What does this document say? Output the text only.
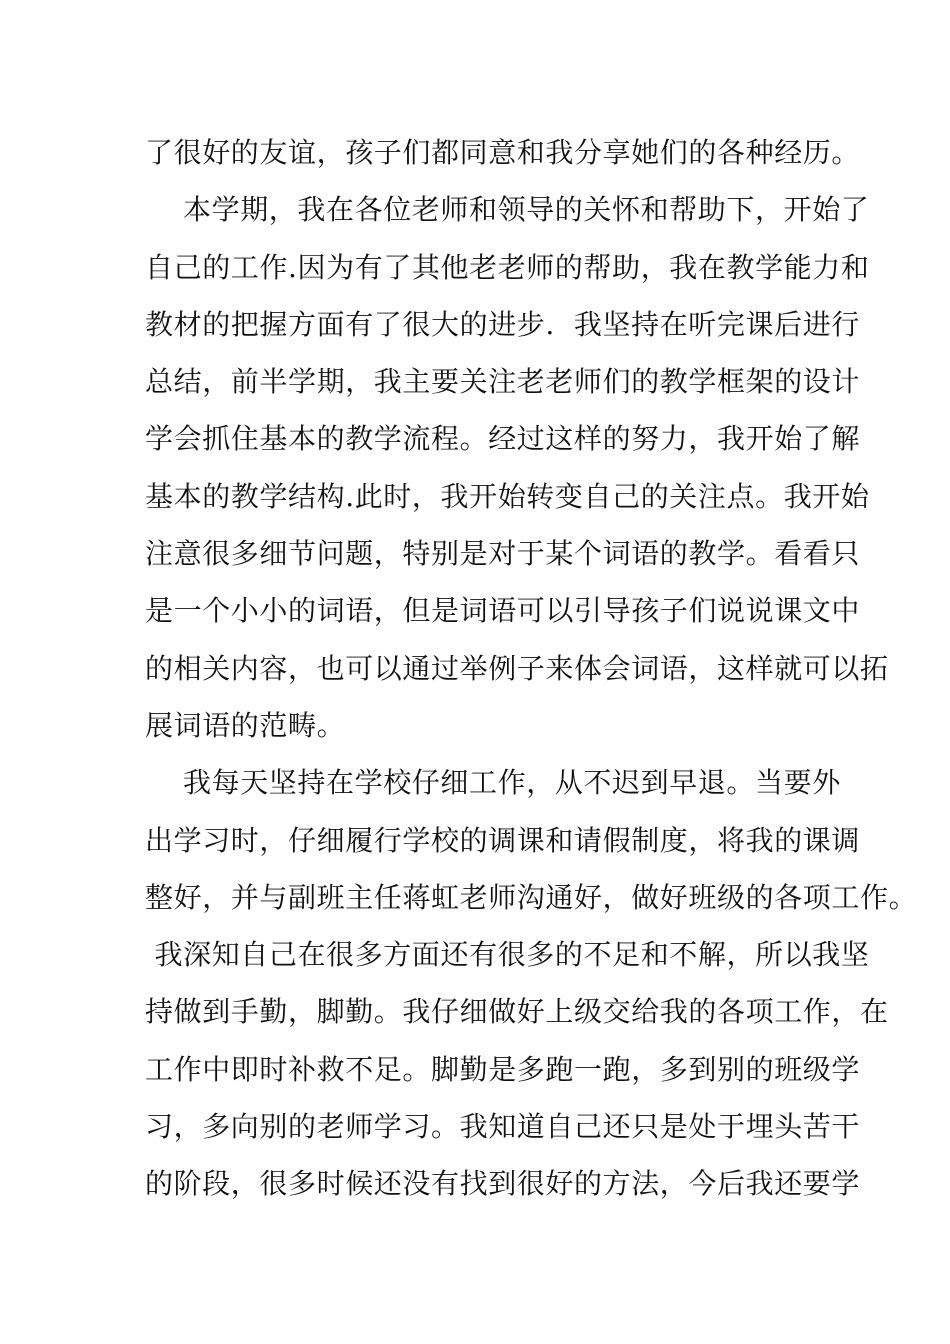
了很好的友谊，孩子们都同意和我分享她们的各种经历。
本学期，我在各位老师和领导的关怀和帮助下，开始了
自己的工作.因为有了其他老老师的帮助，我在教学能力和
教材的把握方面有了很大的进步.  我坚持在听完课后进行
总结，前半学期，我主要关注老老师们的教学框架的设计
学会抓住基本的教学流程。经过这样的努力，我开始了解
基本的教学结构.此时，我开始转变自己的关注点。我开始
注意很多细节问题，特别是对于某个词语的教学。看看只
是一个小小的词语，但是词语可以引导孩子们说说课文中
的相关内容，也可以通过举例子来体会词语，这样就可以拓
展词语的范畴。
我每天坚持在学校仔细工作，从不迟到早退。当要外
出学习时，仔细履行学校的调课和请假制度，将我的课调
整好，并与副班主任蒋虹老师沟通好，做好班级的各项工作。
我深知自己在很多方面还有很多的不足和不解，所以我坚
持做到手勤，脚勤。我仔细做好上级交给我的各项工作，在
工作中即时补救不足。脚勤是多跑一跑，多到别的班级学
习，多向别的老师学习。我知道自己还只是处于埋头苦干
的阶段，很多时候还没有找到很好的方法，今后我还要学
